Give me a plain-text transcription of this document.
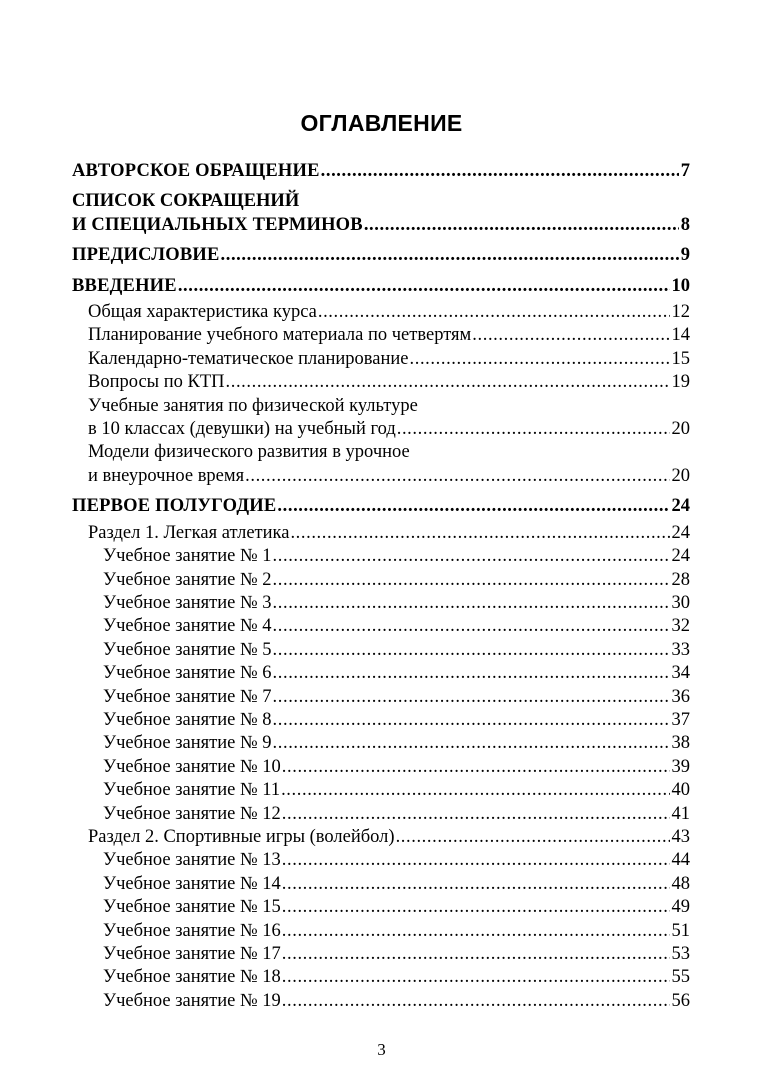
ОГЛАВЛЕНИЕ
АВТОРСКОЕ ОБРАЩЕНИЕ .....	7
СПИСОК СОКРАЩЕНИЙ
И СПЕЦИАЛЬНЫХ ТЕРМИНОВ .....	8
ПРЕДИСЛОВИЕ .....	9
ВВЕДЕНИЕ .....	10
Общая характеристика курса .....	12
Планирование учебного материала по четвертям .....	14
Календарно-тематическое планирование .....	15
Вопросы по КТП .....	19
Учебные занятия по физической культуре
в 10 классах (девушки) на учебный год .....	20
Модели физического развития в урочное
и внеурочное время .....	20
ПЕРВОЕ ПОЛУГОДИЕ .....	24
Раздел 1. Легкая атлетика .....	24
Учебное занятие № 1 .....	24
Учебное занятие № 2 .....	28
Учебное занятие № 3 .....	30
Учебное занятие № 4 .....	32
Учебное занятие № 5 .....	33
Учебное занятие № 6 .....	34
Учебное занятие № 7 .....	36
Учебное занятие № 8 .....	37
Учебное занятие № 9 .....	38
Учебное занятие № 10 .....	39
Учебное занятие № 11 .....	40
Учебное занятие № 12 .....	41
Раздел 2. Спортивные игры (волейбол) .....	43
Учебное занятие № 13 .....	44
Учебное занятие № 14 .....	48
Учебное занятие № 15 .....	49
Учебное занятие № 16 .....	51
Учебное занятие № 17 .....	53
Учебное занятие № 18 .....	55
Учебное занятие № 19 .....	56
3
